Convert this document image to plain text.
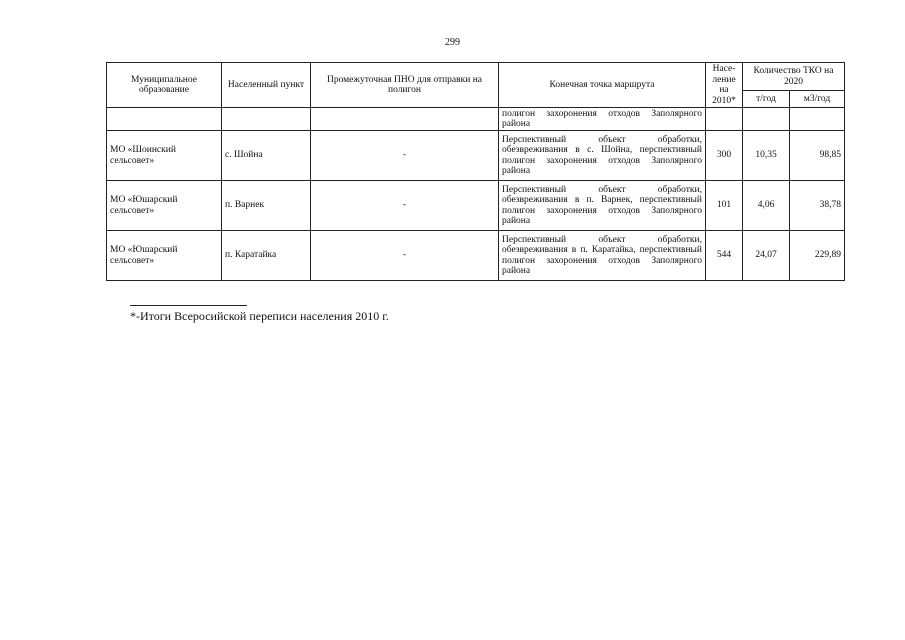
299
Муниципальное образование	Населенный пункт	Промежуточная ПНО для отправки на полигон	Конечная точка маршрута	Насе-ление на 2010*	Количество ТКО на 2020	
					т/год	м3/год
			полигон захоронения отходов Заполярного района			
МО «Шоинский сельсовет»	с. Шойна	-	Перспективный объект обработки, обезвреживания в с. Шойна, перспективный полигон захоронения отходов Заполярного района	300	10,35	98,85
МО «Юшарский сельсовет»	п. Варнек	-	Перспективный объект обработки, обезвреживания в п. Варнек, перспективный полигон захоронения отходов Заполярного района	101	4,06	38,78
МО «Юшарский сельсовет»	п. Каратайка	-	Перспективный объект обработки, обезвреживания в п. Каратайка, перспективный полигон захоронения отходов Заполярного района	544	24,07	229,89
*-Итоги Всеросийской переписи населения 2010 г.
